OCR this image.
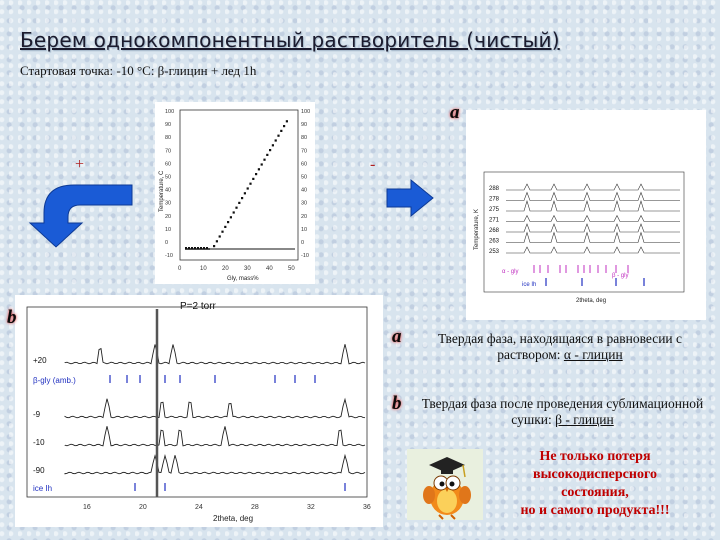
Берем однокомпонентный растворитель (чистый)
Стартовая точка: -10 °C: β-глицин + лед 1h
100	100
90	90
80	80
70	70
60	60
50	50
40	40
30	30
20	20
10	10
0	0
-10	-10
0	10	20	30	40	50
Temperature, C
Gly, mass%
Temperature, K
288
278
275
271
268
263
253
α - gly
β - gly
ice Ih
2theta, deg
P=2 torr
+20
β-gly (amb.)
-9
-10
-90
ice Ih
16	20	24	28	32	36
2theta, deg
+	-
a
b
a
b
Твердая фаза, находящаяся в равновесии с
раствором: α - глицин
Твердая фаза после проведения сублимационной
сушки: β - глицин
Не только потеря
высокодисперсного
состояния,
но и самого продукта!!!
